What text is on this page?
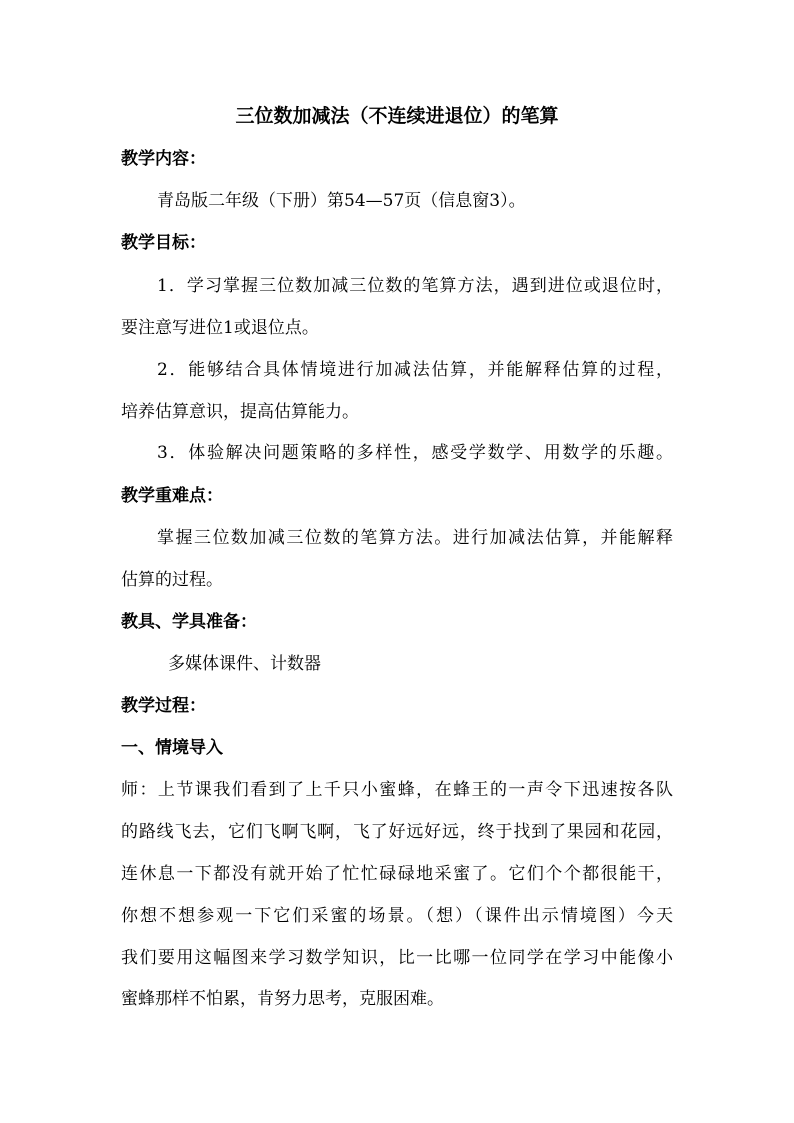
三位数加减法（不连续进退位）的笔算
教学内容：
青岛版二年级（下册）第54—57页（信息窗3）。
教学目标：
1．学习掌握三位数加减三位数的笔算方法，遇到进位或退位时，
要注意写进位1或退位点。
2．能够结合具体情境进行加减法估算，并能解释估算的过程，
培养估算意识，提高估算能力。
3．体验解决问题策略的多样性，感受学数学、用数学的乐趣。
教学重难点：
掌握三位数加减三位数的笔算方法。进行加减法估算，并能解释
估算的过程。
教具、学具准备：
多媒体课件、计数器
教学过程：
一、情境导入
师：上节课我们看到了上千只小蜜蜂，在蜂王的一声令下迅速按各队
的路线飞去，它们飞啊飞啊，飞了好远好远，终于找到了果园和花园，
连休息一下都没有就开始了忙忙碌碌地采蜜了。它们个个都很能干，
你想不想参观一下它们采蜜的场景。（想）（课件出示情境图）今天
我们要用这幅图来学习数学知识，比一比哪一位同学在学习中能像小
蜜蜂那样不怕累，肯努力思考，克服困难。
